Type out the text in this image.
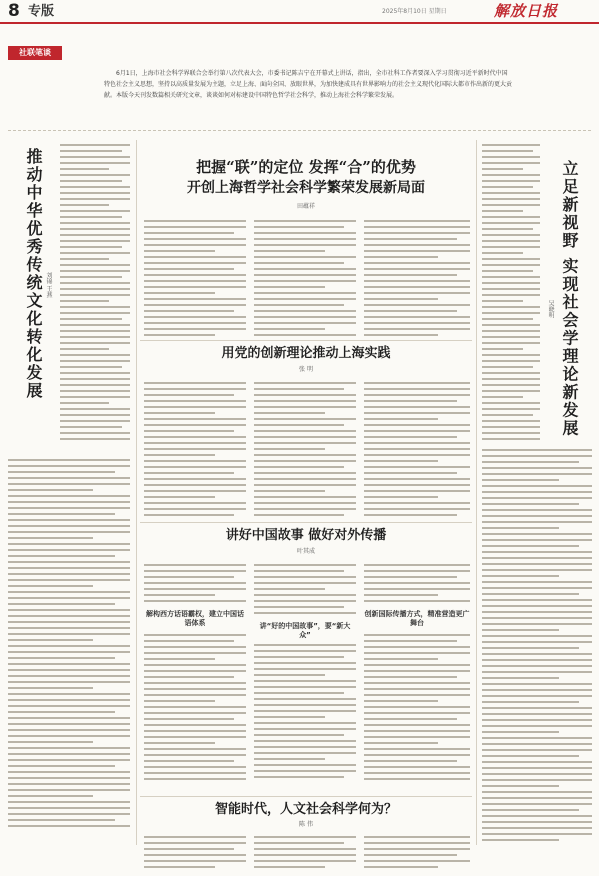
8 专版	2025年8月10日 星期日	解放日报
社联笔谈
6月1日，上海市社会科学界联合会举行第八次代表大会，市委书记陈吉宁在开幕式上讲话，指出，全市社科工作者要深入学习贯彻习近平新时代中国特色社会主义思想，坚持以高质量发展为主题，立足上海、面向全国、放眼世界，为加快建成具有世界影响力的社会主义现代化国际大都市作出新的更大贡献。本版今天刊发数篇相关研究文章，谈谈如何对标建设中国特色哲学社会科学，推动上海社会科学繁荣发展。
推动中华优秀传统文化转化发展 刘锦 王燕
把握“联”的定位 发挥“合”的优势
开创上海哲学社会科学繁荣发展新局面
田蕴祥
用党的创新理论推动上海实践
张 明
讲好中国故事 做好对外传播
叶其成
解构西方话语霸权，建立中国话语体系	讲“好的中国故事”，要“新大众”
创新国际传播方式，精准营造更广舞台
智能时代，人文社会科学何为？
陈 伟
立足新视野 实现社会学理论新发展
吴晓明
